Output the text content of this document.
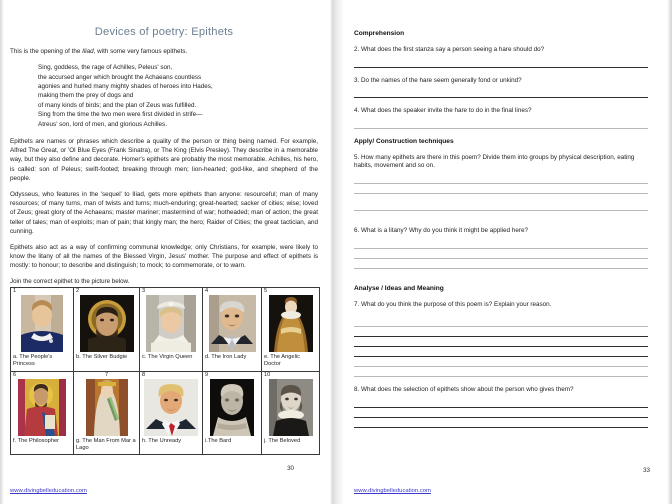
Devices of poetry: Epithets

This is the opening of the Iliad, with some very famous epithets.

Sing, goddess, the rage of Achilles, Peleus' son,
the accursed anger which brought the Achaeans countless
agonies and hurled many mighty shades of heroes into Hades,
making them the prey of dogs and
of many kinds of birds; and the plan of Zeus was fulfilled.
Sing from the time the two men were first divided in strife—
Atreus' son, lord of men, and glorious Achilles.

Epithets are names or phrases which describe a quality of the person or thing being named. For example, Alfred The Great, or 'Ol Blue Eyes (Frank Sinatra), or The King (Elvis Presley). They describe in a memorable way, but they also define and decorate. Homer's epithets are probably the most memorable. Achilles, his hero, is called: son of Peleus; swift-footed; breaking through men; lion-hearted; god-like, and shepherd of the people.

Odysseus, who features in the 'sequel' to Iliad, gets more epithets than anyone: resourceful; man of many resources; of many turns, man of twists and turns; much-enduring; great-hearted; sacker of cities; wise; loved of Zeus; great glory of the Achaeans; master mariner; mastermind of war; hotheaded; man of action; the great teller of tales; man of exploits; man of pain; that kingly man; the hero; Raider of Cities; the great tactician, and cunning.

Epithets also act as a way of confirming communal knowledge; only Christians, for example, were likely to know the litany of all the names of the Blessed Virgin, Jesus' mother. The purpose and effect of epithets is mostly: to honour; to describe and distinguish; to mock; to commemorate, or to warn.

Join the correct epithet to the picture below.

1
a. The People's Princess

2
b. The Silver Budgie

3
c. The Virgin Queen

4
d. The Iron Lady

5
e. The Angelic Doctor

6
f. The Philosopher

7
g. The Man From Mar a Lago

8
h. The Unready

9
i.The Bard

10
j. The Beloved
www.divingbelleducation.com
30
Comprehension
2. What does the first stanza say a person seeing a hare should do?
3. Do the names of the hare seem generally fond or unkind?
4. What does the speaker invite the hare to do in the final lines?
Apply/ Construction techniques
5. How many epithets are there in this poem? Divide them into groups by physical description, eating habits, movement and so on.
6. What is a litany? Why do you think it might be applied here?
Analyse / Ideas and Meaning
7. What do you think the purpose of this poem is? Explain your reason.
8. What does the selection of epithets show about the person who gives them?
www.divingbelleducation.com
33
